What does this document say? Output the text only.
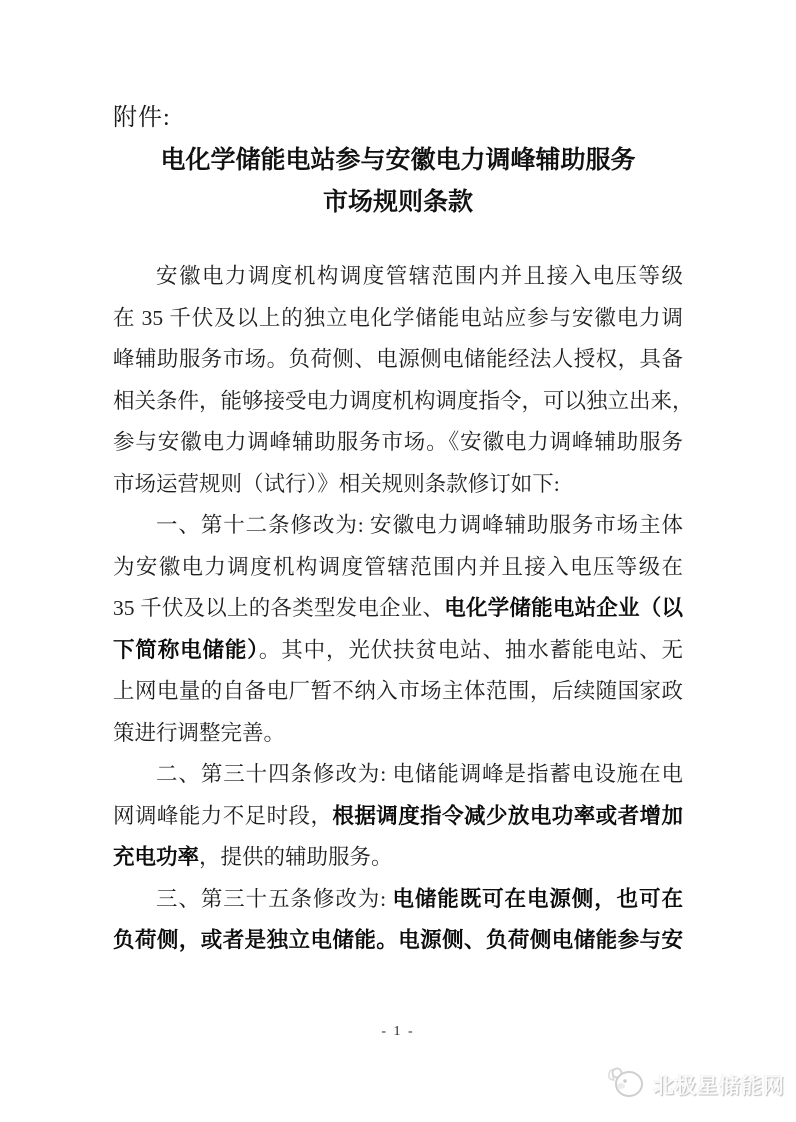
附件:
电化学储能电站参与安徽电力调峰辅助服务
市场规则条款
安徽电力调度机构调度管辖范围内并且接入电压等级
在 35 千伏及以上的独立电化学储能电站应参与安徽电力调
峰辅助服务市场。负荷侧、电源侧电储能经法人授权，具备
相关条件，能够接受电力调度机构调度指令，可以独立出来，
参与安徽电力调峰辅助服务市场。《安徽电力调峰辅助服务
市场运营规则（试行）》相关规则条款修订如下:
一、第十二条修改为: 安徽电力调峰辅助服务市场主体
为安徽电力调度机构调度管辖范围内并且接入电压等级在
35 千伏及以上的各类型发电企业、电化学储能电站企业（以
下简称电储能）。其中，光伏扶贫电站、抽水蓄能电站、无
上网电量的自备电厂暂不纳入市场主体范围，后续随国家政
策进行调整完善。
二、第三十四条修改为: 电储能调峰是指蓄电设施在电
网调峰能力不足时段，根据调度指令减少放电功率或者增加
充电功率，提供的辅助服务。
三、第三十五条修改为: 电储能既可在电源侧，也可在
负荷侧，或者是独立电储能。电源侧、负荷侧电储能参与安
- 1 -
北极星储能网
